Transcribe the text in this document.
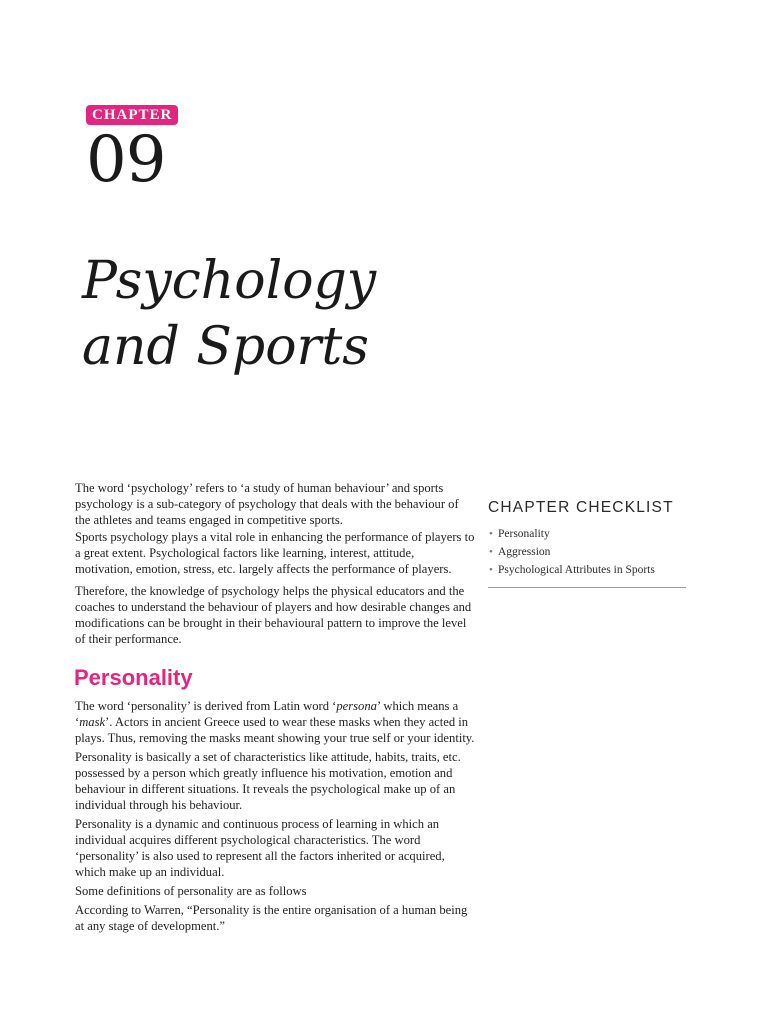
CHAPTER
09
Psychology
and Sports

The word ‘psychology’ refers to ‘a study of human behaviour’ and sports psychology is a sub-category of psychology that deals with the behaviour of the athletes and teams engaged in competitive sports.

Sports psychology plays a vital role in enhancing the performance of players to a great extent. Psychological factors like learning, interest, attitude, motivation, emotion, stress, etc. largely affects the performance of players.

Therefore, the knowledge of psychology helps the physical educators and the coaches to understand the behaviour of players and how desirable changes and modifications can be brought in their behavioural pattern to improve the level of their performance.

CHAPTER CHECKLIST
• Personality
• Aggression
• Psychological Attributes in Sports
Personality

The word ‘personality’ is derived from Latin word ‘persona’ which means a ‘mask’. Actors in ancient Greece used to wear these masks when they acted in plays. Thus, removing the masks meant showing your true self or your identity.

Personality is basically a set of characteristics like attitude, habits, traits, etc. possessed by a person which greatly influence his motivation, emotion and behaviour in different situations. It reveals the psychological make up of an individual through his behaviour.

Personality is a dynamic and continuous process of learning in which an individual acquires different psychological characteristics. The word ‘personality’ is also used to represent all the factors inherited or acquired, which make up an individual.

Some definitions of personality are as follows

According to Warren, “Personality is the entire organisation of a human being at any stage of development.”
